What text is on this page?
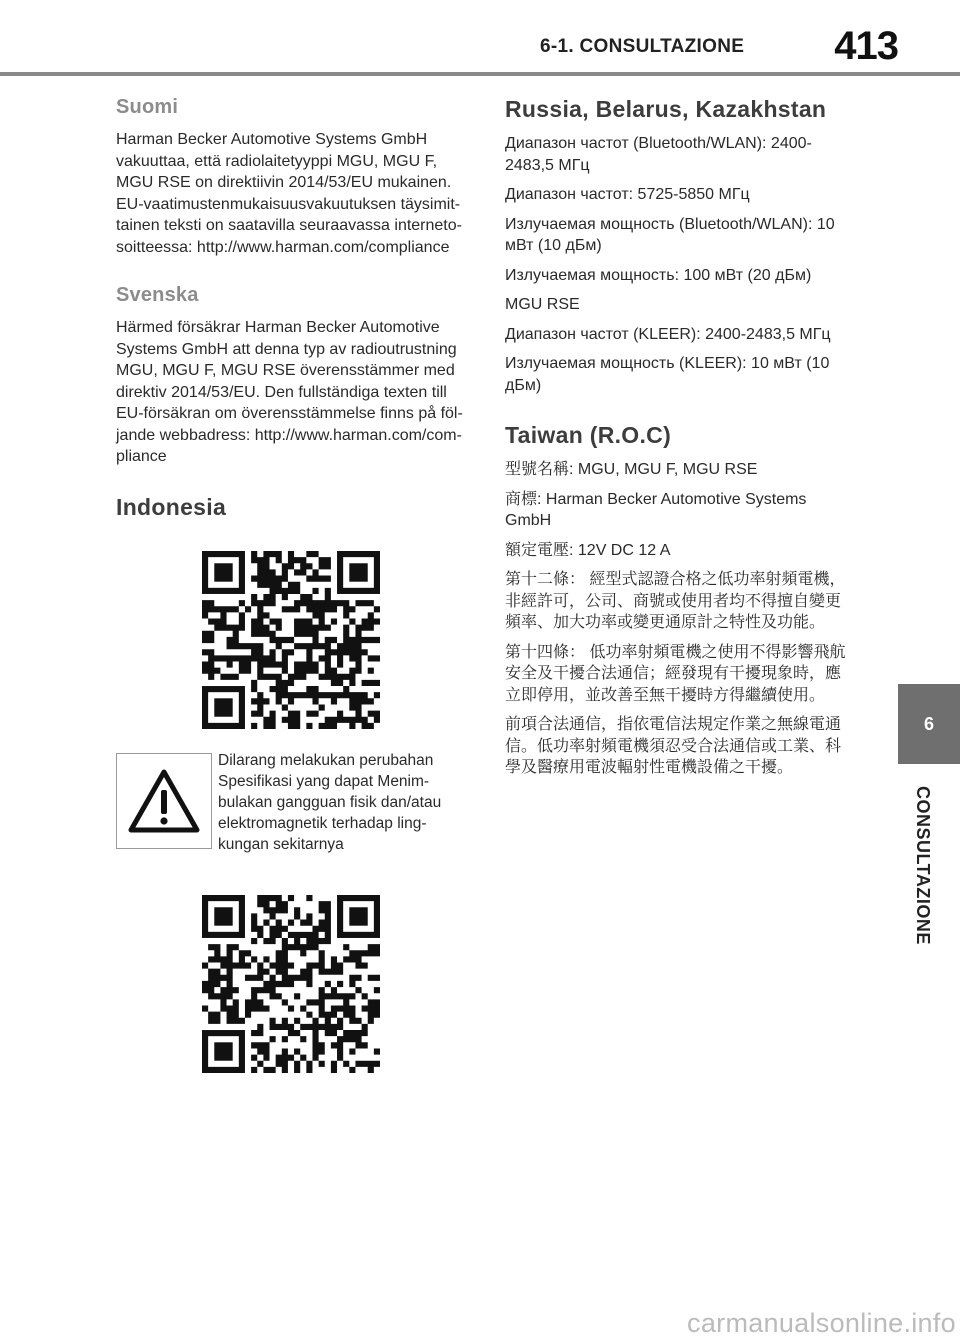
6-1. CONSULTAZIONE	413
Suomi

Harman Becker Automotive Systems GmbH vakuuttaa, että radiolaitetyyppi MGU, MGU F, MGU RSE on direktiivin 2014/53/EU mukainen. EU-vaatimustenmukaisuusvakuutuksen täysimit-tainen teksti on saatavilla seuraavassa interneto-soitteessa: http://www.harman.com/compliance

Svenska

Härmed försäkrar Harman Becker Automotive Systems GmbH att denna typ av radioutrustning MGU, MGU F, MGU RSE överensstämmer med direktiv 2014/53/EU. Den fullständiga texten till EU-försäkran om överensstämmelse finns på föl-jande webbadress: http://www.harman.com/com-pliance

Indonesia

Dilarang melakukan perubahan Spesifikasi yang dapat Menim-bulakan gangguan fisik dan/atau elektromagnetik terhadap ling-kungan sekitarnya

Russia, Belarus, Kazakhstan

Диапазон частот (Bluetooth/WLAN): 2400-2483,5 МГц

Диапазон частот: 5725-5850 МГц

Излучаемая мощность (Bluetooth/WLAN): 10 мВт (10 дБм)

Излучаемая мощность: 100 мВт (20 дБм)

MGU RSE

Диапазон частот (KLEER): 2400-2483,5 МГц

Излучаемая мощность (KLEER): 10 мВт (10 дБм)

Taiwan (R.O.C)

型號名稱: MGU, MGU F, MGU RSE

商標: Harman Becker Automotive Systems GmbH

額定電壓: 12V DC 12 A

第十二條： 經型式認證合格之低功率射頻電機，非經許可，公司、商號或使用者均不得擅自變更頻率、加大功率或變更通原計之特性及功能。

第十四條： 低功率射頻電機之使用不得影響飛航安全及干擾合法通信；經發現有干擾現象時，應立即停用，並改善至無干擾時方得繼續使用。

前項合法通信，指依電信法規定作業之無線電通信。低功率射頻電機須忍受合法通信或工業、科學及醫療用電波輻射性電機設備之干擾。

6
CONSULTAZIONE
carmanualsonline.info
